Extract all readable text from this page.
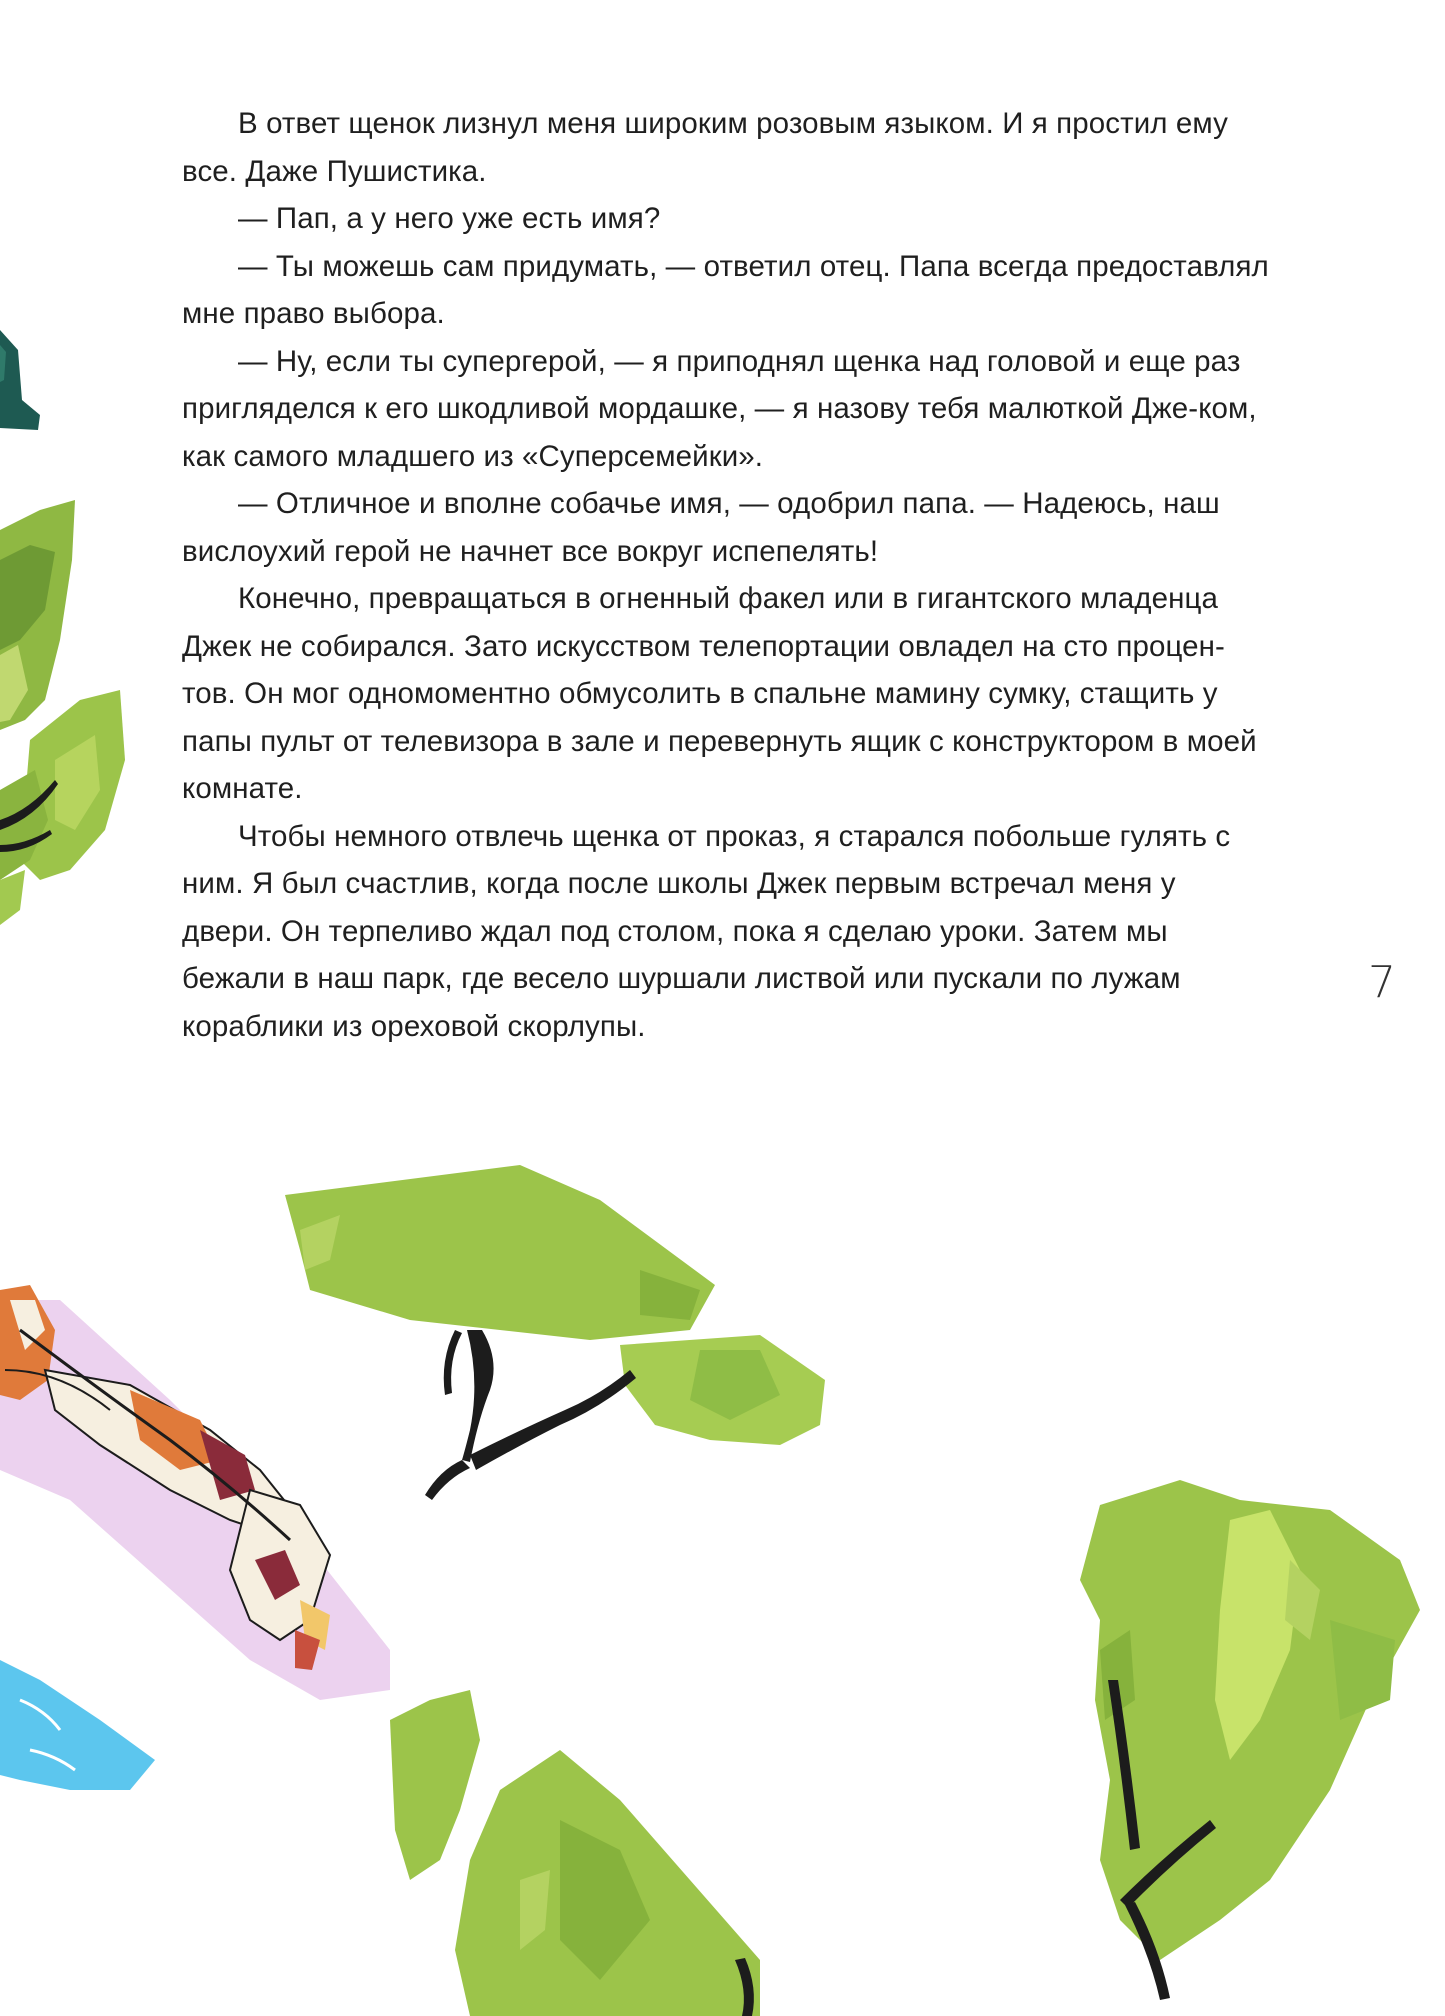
В ответ щенок лизнул меня широким розовым языком. И я простил ему все. Даже Пушистика.

— Пап, а у него уже есть имя?

— Ты можешь сам придумать, — ответил отец. Папа всегда предоставлял мне право выбора.

— Ну, если ты супергерой, — я приподнял щенка над головой и еще раз пригляделся к его шкодливой мордашке, — я назову тебя малюткой Дже-ком, как самого младшего из «Суперсемейки».

— Отличное и вполне собачье имя, — одобрил папа. — Надеюсь, наш вислоухий герой не начнет все вокруг испепелять!

Конечно, превращаться в огненный факел или в гигантского младенца Джек не собирался. Зато искусством телепортации овладел на сто процен-тов. Он мог одномоментно обмусолить в спальне мамину сумку, стащить у папы пульт от телевизора в зале и перевернуть ящик с конструктором в моей комнате.

Чтобы немного отвлечь щенка от проказ, я старался побольше гулять с ним. Я был счастлив, когда после школы Джек первым встречал меня у двери. Он терпеливо ждал под столом, пока я сделаю уроки. Затем мы бежали в наш парк, где весело шуршали листвой или пускали по лужам кораблики из ореховой скорлупы.

7
